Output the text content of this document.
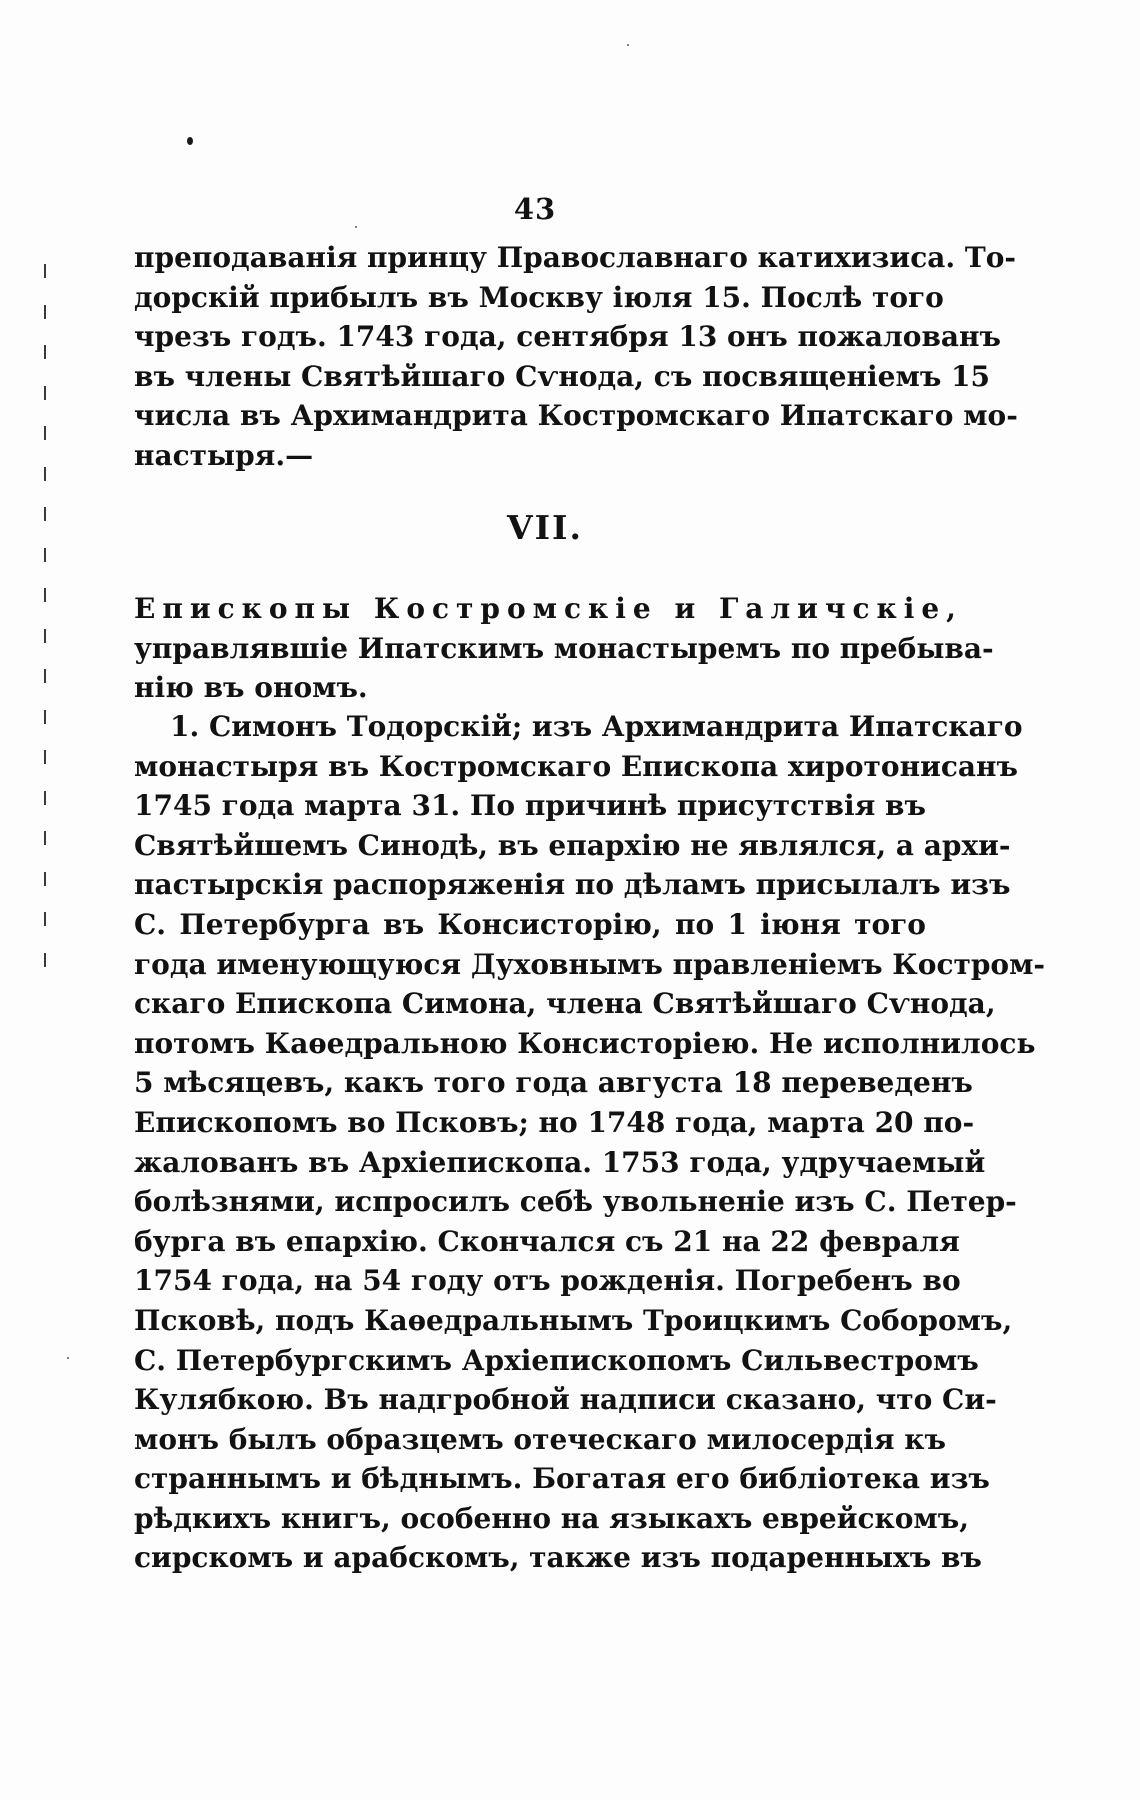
43
преподаванія принцу Православнаго катихизиса. То-
дорскій прибылъ въ Москву іюля 15. Послѣ того
чрезъ годъ. 1743 года, сентября 13 онъ пожалованъ
въ члены Святѣйшаго Сѵнода, съ посвященіемъ 15
числа въ Архимандрита Костромскаго Ипатскаго мо-
настыря.—
VII.
Епископы Костромскіе и Галичскіе,
управлявшіе Ипатскимъ монастыремъ по пребыва-
нію въ ономъ.
1. Симонъ Тодорскій; изъ Архимандрита Ипатскаго
монастыря въ Костромскаго Епископа хиротонисанъ
1745 года марта 31. По причинѣ присутствія въ
Святѣйшемъ Синодѣ, въ епархію не являлся, а архи-
пастырскія распоряженія по дѣламъ присылалъ изъ
С. Петербурга въ Консисторію, по 1 іюня того
года именующуюся Духовнымъ правленіемъ Костром-
скаго Епископа Симона, члена Святѣйшаго Сѵнода,
потомъ Каѳедральною Консисторіею. Не исполнилось
5 мѣсяцевъ, какъ того года августа 18 переведенъ
Епископомъ во Псковъ; но 1748 года, марта 20 по-
жалованъ въ Архіепископа. 1753 года, удручаемый
болѣзнями, испросилъ себѣ увольненіе изъ С. Петер-
бурга въ епархію. Скончался съ 21 на 22 февраля
1754 года, на 54 году отъ рожденія. Погребенъ во
Псковѣ, подъ Каѳедральнымъ Троицкимъ Соборомъ,
С. Петербургскимъ Архіепископомъ Сильвестромъ
Кулябкою. Въ надгробной надписи сказано, что Си-
монъ былъ образцемъ отеческаго милосердія къ
страннымъ и бѣднымъ. Богатая его библіотека изъ
рѣдкихъ книгъ, особенно на языкахъ еврейскомъ,
сирскомъ и арабскомъ, также изъ подаренныхъ въ
